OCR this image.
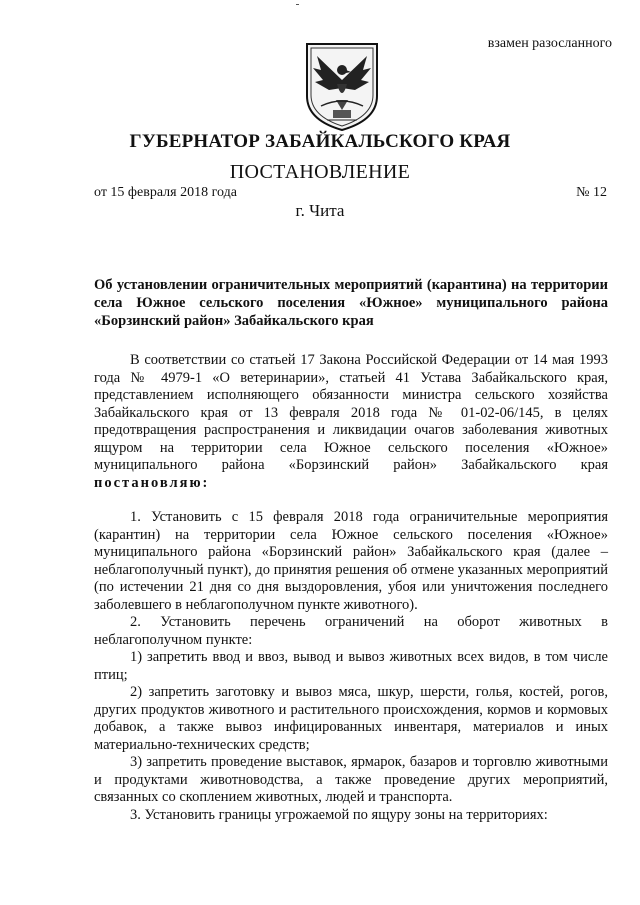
взамен разосланного
ГУБЕРНАТОР ЗАБАЙКАЛЬСКОГО КРАЯ
ПОСТАНОВЛЕНИЕ
от 15 февраля 2018 года	№ 12
г. Чита
Об установлении ограничительных мероприятий (карантина) на территории села Южное сельского поселения «Южное» муниципального района «Борзинский район» Забайкальского края

В соответствии со статьей 17 Закона Российской Федерации от 14 мая 1993 года № 4979-1 «О ветеринарии», статьей 41 Устава Забайкальского края, представлением исполняющего обязанности министра сельского хозяйства Забайкальского края от 13 февраля 2018 года № 01-02-06/145, в целях предотвращения распространения и ликвидации очагов заболевания животных ящуром на территории села Южное сельского поселения «Южное» муниципального района «Борзинский район» Забайкальского края постановляю:

1. Установить с 15 февраля 2018 года ограничительные мероприятия (карантин) на территории села Южное сельского поселения «Южное» муниципального района «Борзинский район» Забайкальского края (далее – неблагополучный пункт), до принятия решения об отмене указанных мероприятий (по истечении 21 дня со дня выздоровления, убоя или уничтожения последнего заболевшего в неблагополучном пункте животного).

2. Установить перечень ограничений на оборот животных в неблагополучном пункте:

1) запретить ввод и ввоз, вывод и вывоз животных всех видов, в том числе птиц;

2) запретить заготовку и вывоз мяса, шкур, шерсти, голья, костей, рогов, других продуктов животного и растительного происхождения, кормов и кормовых добавок, а также вывоз инфицированных инвентаря, материалов и иных материально-технических средств;

3) запретить проведение выставок, ярмарок, базаров и торговлю животными и продуктами животноводства, а также проведение других мероприятий, связанных со скоплением животных, людей и транспорта.

3. Установить границы угрожаемой по ящуру зоны на территориях:
